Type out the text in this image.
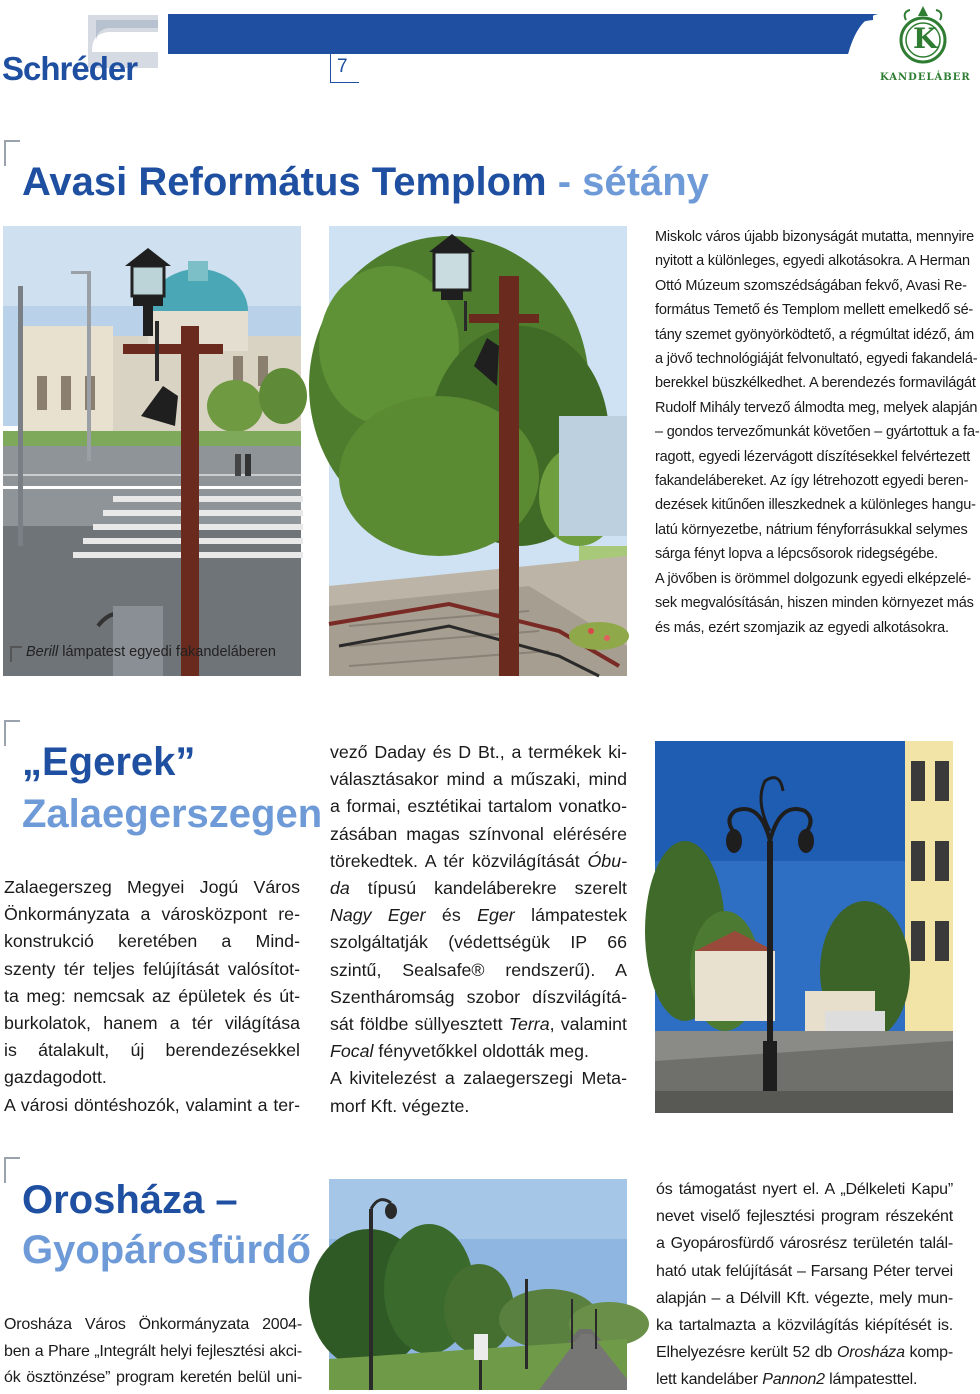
Schréder	7
K
KANDELÁBER
Avasi Református Templom - sétány
Berill lámpatest egyedi fakandeláberen
Miskolc város újabb bizonyságát mutatta, mennyire
nyitott a különleges, egyedi alkotásokra. A Herman
Ottó Múzeum szomszédságában fekvő, Avasi Re-
formátus Temető és Templom mellett emelkedő sé-
tány szemet gyönyörködtető, a régmúltat idéző, ám
a jövő technológiáját felvonultató, egyedi fakandelá-
berekkel büszkélkedhet. A berendezés formavilágát
Rudolf Mihály tervező álmodta meg, melyek alapján
– gondos tervezőmunkát követően – gyártottuk a fa-
ragott, egyedi lézervágott díszítésekkel felvértezett
fakandelábereket. Az így létrehozott egyedi beren-
dezések kitűnően illeszkednek a különleges hangu-
latú környezetbe, nátrium fényforrásukkal selymes
sárga fényt lopva a lépcsősorok ridegségébe.
A jövőben is örömmel dolgozunk egyedi elképzelé-
sek megvalósításán, hiszen minden környezet más
és más, ezért szomjazik az egyedi alkotásokra.
„Egerek”
Zalaegerszegen
Zalaegerszeg Megyei Jogú Város
Önkormányzata a városközpont re-
konstrukció keretében a Mind-
szenty tér teljes felújítását valósítot-
ta meg: nemcsak az épületek és út-
burkolatok, hanem a tér világítása
is átalakult, új berendezésekkel
gazdagodott.
A városi döntéshozók, valamint a ter-
vező Daday és D Bt., a termékek ki-
választásakor mind a műszaki, mind
a formai, esztétikai tartalom vonatko-
zásában magas színvonal elérésére
törekedtek. A tér közvilágítását Óbu-
da típusú kandeláberekre szerelt
Nagy Eger és Eger lámpatestek
szolgáltatják (védettségük IP 66
szintű, Sealsafe® rendszerű). A
Szentháromság szobor díszvilágítá-
sát földbe süllyesztett Terra, valamint
Focal fényvetőkkel oldották meg.
A kivitelezést a zalaegerszegi Meta-
morf Kft. végezte.
Orosháza –
Gyopárosfürdő
Orosháza Város Önkormányzata 2004-
ben a Phare „Integrált helyi fejlesztési akci-
ók ösztönzése” program keretén belül uni-
ós támogatást nyert el. A „Délkeleti Kapu”
nevet viselő fejlesztési program részeként
a Gyopárosfürdő városrész területén talál-
ható utak felújítását – Farsang Péter tervei
alapján – a Délvill Kft. végezte, mely mun-
ka tartalmazta a közvilágítás kiépítését is.
Elhelyezésre került 52 db Orosháza komp-
lett kandeláber Pannon2 lámpatesttel.
